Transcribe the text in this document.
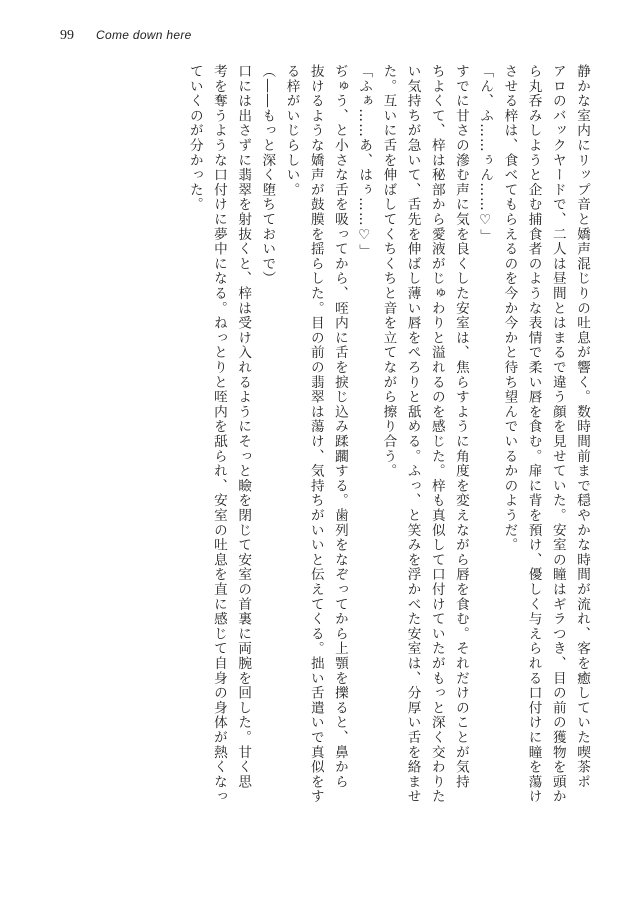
99 Come down here

静かな室内にリップ音と嬌声混じりの吐息が響く。数時間前まで穏やかな時間が流れ、客を癒していた喫茶ポ

アロのバックヤードで、二人は昼間とはまるで違う顔を見せていた。安室の瞳はギラつき、目の前の獲物を頭か

ら丸呑みしようと企む捕食者のような表情で柔い唇を食む。扉に背を預け、優しく与えられる口付けに瞳を蕩け

させる梓は、食べてもらえるのを今か今かと待ち望んでいるかのようだ。

「ん、ふ……ぅん……♡」

すでに甘さの滲む声に気を良くした安室は、焦らすように角度を変えながら唇を食む。それだけのことが気持

ちよくて、梓は秘部から愛液がじゅわりと溢れるのを感じた。梓も真似して口付けていたがもっと深く交わりた

い気持ちが急いて、舌先を伸ばし薄い唇をぺろりと舐める。ふっ、と笑みを浮かべた安室は、分厚い舌を絡ませ

た。互いに舌を伸ばしてくちくちと音を立てながら擦り合う。

「ふぁ……あ、はぅ……♡」

ぢゅう、と小さな舌を吸ってから、咥内に舌を捩じ込み蹂躙する。歯列をなぞってから上顎を擽ると、鼻から

抜けるような嬌声が鼓膜を揺らした。目の前の翡翠は蕩け、気持ちがいいと伝えてくる。拙い舌遣いで真似をす

る梓がいじらしい。

（――もっと深く堕ちておいで）

口には出さずに翡翠を射抜くと、梓は受け入れるようにそっと瞼を閉じて安室の首裏に両腕を回した。甘く思

考を奪うような口付けに夢中になる。ねっとりと咥内を舐られ、安室の吐息を直に感じて自身の身体が熱くなっ

ていくのが分かった。
